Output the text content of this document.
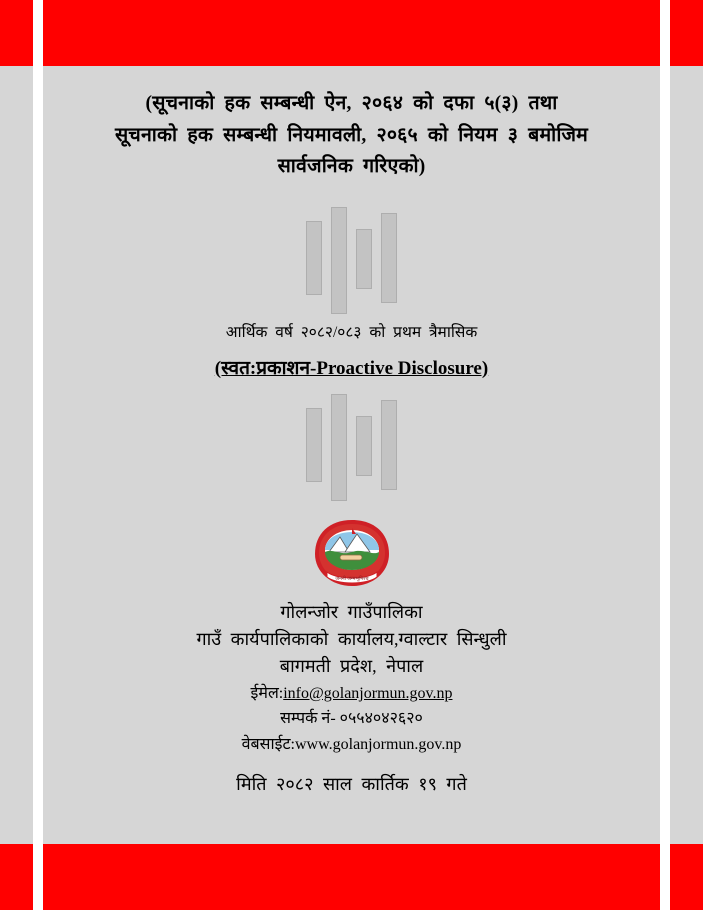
(सूचनाको हक सम्बन्धी ऐन, २०६४ को दफा ५(३) तथा
सूचनाको हक सम्बन्धी नियमावली, २०६५ को नियम ३ बमोजिम
सार्वजनिक गरिएको)
आर्थिक वर्ष २०८२/०८३ को प्रथम त्रैमासिक
(स्वत:प्रकाशन-Proactive Disclosure)
जननी जन्मभूमिश्च
गोलन्जोर गाउँपालिका
गाउँ कार्यपालिकाको कार्यालय,ग्वाल्टार सिन्धुली
बागमती प्रदेश, नेपाल
ईमेल:info@golanjormun.gov.np
सम्पर्क नं- ०५५४०४२६२०
वेबसाईट:www.golanjormun.gov.np
मिति २०८२ साल कार्तिक १९ गते
